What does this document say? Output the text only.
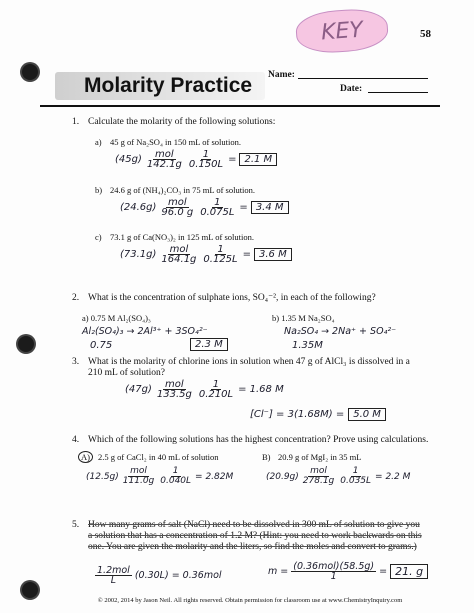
58
KEY
Molarity Practice Name:
Date:
1. Calculate the molarity of the following solutions:
a) 45 g of Na₂SO₄ in 150 mL of solution.
$(45g) \frac{\text{mol}}{142.1g} \frac{1}{0.150L} = 2.1$ M
b) 24.6 g of (NH₄)₂CO₃ in 75 mL of solution.
$(24.6g) \frac{\text{mol}}{96.0 g} \frac{1}{0.075L} = 3.4$ M
c) 73.1 g of Ca(NO₃)₂ in 125 mL of solution.
$(73.1g) \frac{\text{mol}}{164.1g} \frac{1}{0.125L} = 3.6$ M
2. What is the concentration of sulphate ions, SO₄⁻², in each of the following?
a) 0.75 M Al₂(SO₄)₃
Al₂(SO₄)₃ → 2Al³⁺ + 3SO₄²⁻
0.75	2.3 M
b) 1.35 M Na₂SO₄
Na₂SO₄ → 2Na⁺ + SO₄²⁻
1.35M
3. What is the molarity of chlorine ions in solution when 47 g of AlCl₃ is dissolved in a 210 mL of solution?
$(47g) \frac{\text{mol}}{133.5g} \frac{1}{0.210L} = 1.68$ M
[Cl⁻] = 3(1.68M) = 5.0 M
4. Which of the following solutions has the highest concentration? Prove using calculations.
A) 2.5 g of CaCl₂ in 40 mL of solution
$(12.5g) \frac{\text{mol}}{111.0g} \frac{1}{0.040L} = 2.82M$
B) 20.9 g of MgI₂ in 35 mL
$(20.9g) \frac{\text{mol}}{278.1g} \frac{1}{0.035L} = 2.2$ M
5. How many grams of salt (NaCl) need to be dissolved in 300 mL of solution to give you a solution that has a concentration of 1.2 M? (Hint: you need to work backwards on this one. You are given the molarity and the liters, so find the moles and convert to grams.)
$\frac{\text{1.2mol}}{L} (0.30L) = 0.36mol$	$m = \frac{\text{(0.36mol)(58.5g)}}{1} = 21$. g
© 2002, 2014 by Jason Neil. All rights reserved. Obtain permission for classroom use at www.ChemistryInquiry.com
